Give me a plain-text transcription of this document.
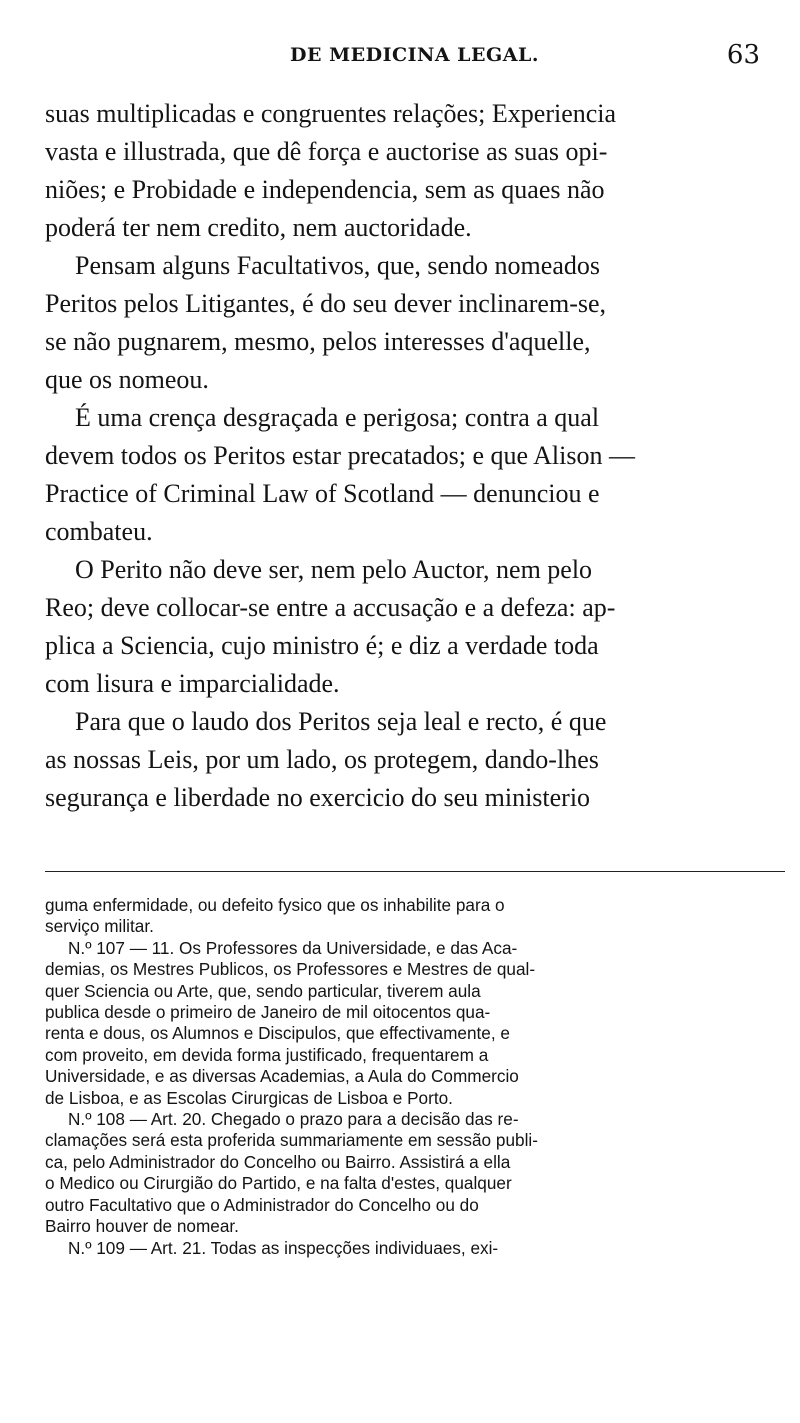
DE MEDICINA LEGAL.	63
suas multiplicadas e congruentes relações; Experiencia
vasta e illustrada, que dê força e auctorise as suas opi-
niões; e Probidade e independencia, sem as quaes não
poderá ter nem credito, nem auctoridade.
Pensam alguns Facultativos, que, sendo nomeados
Peritos pelos Litigantes, é do seu dever inclinarem-se,
se não pugnarem, mesmo, pelos interesses d'aquelle,
que os nomeou.
É uma crença desgraçada e perigosa; contra a qual
devem todos os Peritos estar precatados; e que Alison —
Practice of Criminal Law of Scotland — denunciou e
combateu.
O Perito não deve ser, nem pelo Auctor, nem pelo
Reo; deve collocar-se entre a accusação e a defeza: ap-
plica a Sciencia, cujo ministro é; e diz a verdade toda
com lisura e imparcialidade.
Para que o laudo dos Peritos seja leal e recto, é que
as nossas Leis, por um lado, os protegem, dando-lhes
segurança e liberdade no exercicio do seu ministerio
guma enfermidade, ou defeito fysico que os inhabilite para o
serviço militar.
N.º 107 — 11. Os Professores da Universidade, e das Aca-
demias, os Mestres Publicos, os Professores e Mestres de qual-
quer Sciencia ou Arte, que, sendo particular, tiverem aula
publica desde o primeiro de Janeiro de mil oitocentos qua-
renta e dous, os Alumnos e Discipulos, que effectivamente, e
com proveito, em devida forma justificado, frequentarem a
Universidade, e as diversas Academias, a Aula do Commercio
de Lisboa, e as Escolas Cirurgicas de Lisboa e Porto.
N.º 108 — Art. 20. Chegado o prazo para a decisão das re-
clamações será esta proferida summariamente em sessão publi-
ca, pelo Administrador do Concelho ou Bairro. Assistirá a ella
o Medico ou Cirurgião do Partido, e na falta d'estes, qualquer
outro Facultativo que o Administrador do Concelho ou do
Bairro houver de nomear.
N.º 109 — Art. 21. Todas as inspecções individuaes, exi-
